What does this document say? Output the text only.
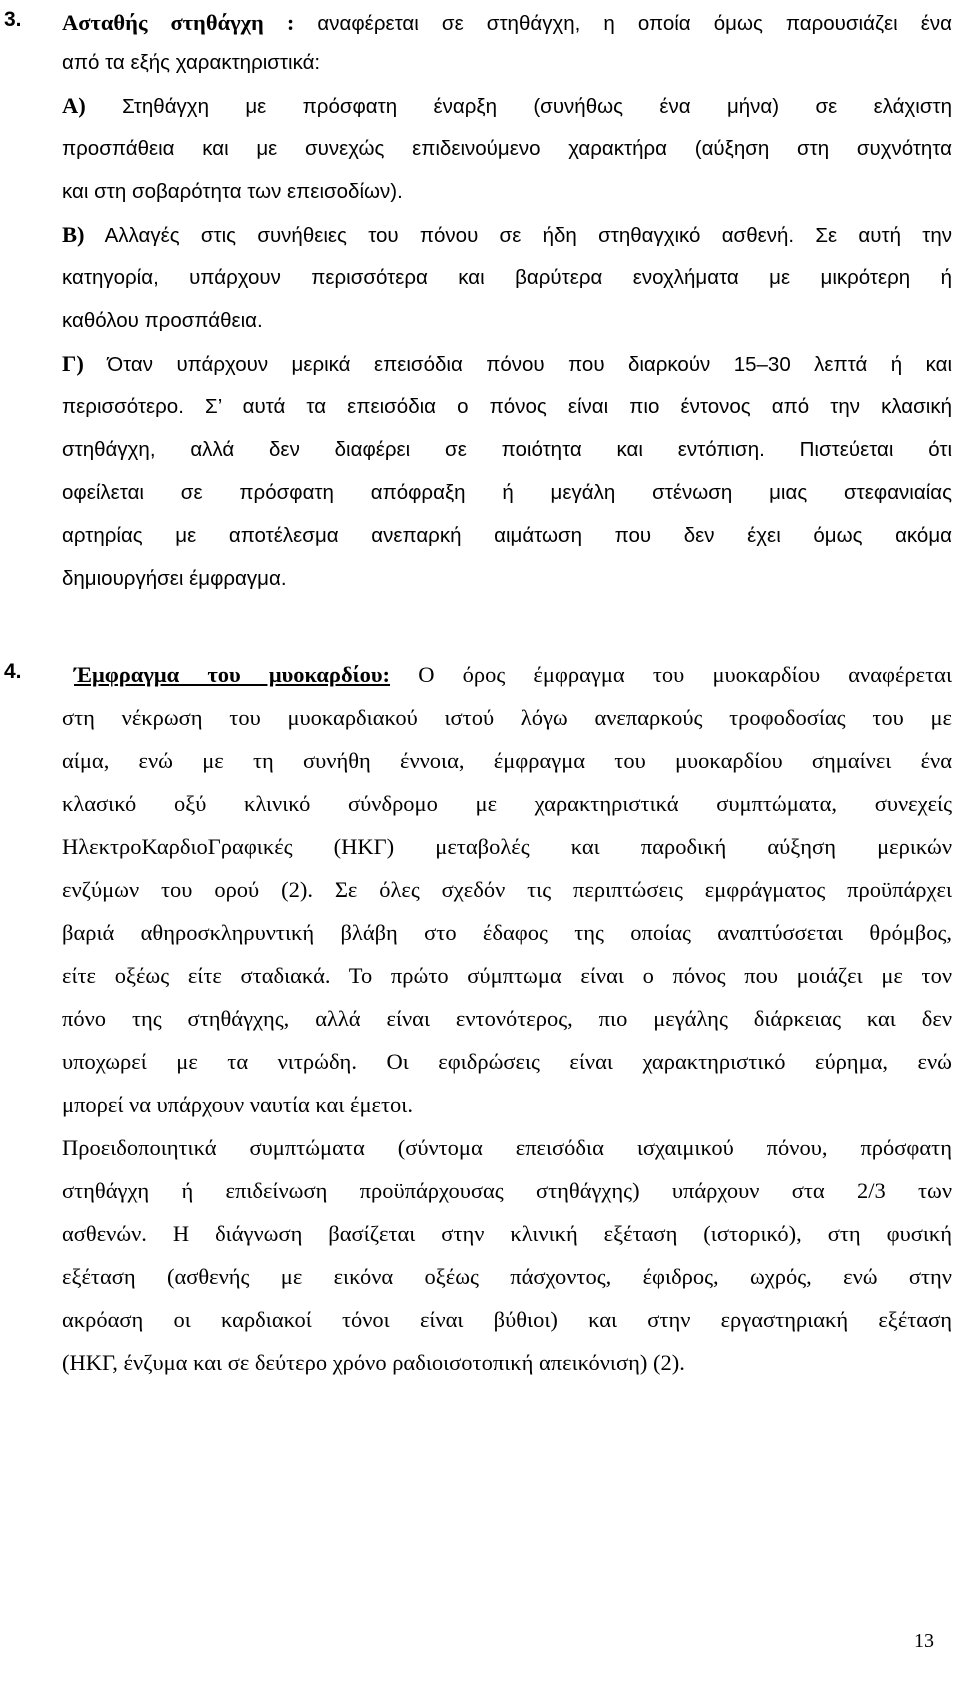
3.	Ασταθής στηθάγχη : αναφέρεται σε στηθάγχη, η οποία όμως παρουσιάζει ένα
από τα εξής χαρακτηριστικά:
Α) Στηθάγχη με πρόσφατη έναρξη (συνήθως ένα μήνα) σε ελάχιστη
προσπάθεια και με συνεχώς επιδεινούμενο χαρακτήρα (αύξηση στη συχνότητα
και στη σοβαρότητα των επεισοδίων).
Β) Αλλαγές στις συνήθειες του πόνου σε ήδη στηθαγχικό ασθενή. Σε αυτή την
κατηγορία, υπάρχουν περισσότερα και βαρύτερα ενοχλήματα με μικρότερη ή
καθόλου προσπάθεια.
Γ) Όταν υπάρχουν μερικά επεισόδια πόνου που διαρκούν 15–30 λεπτά ή και
περισσότερο. Σ’ αυτά τα επεισόδια ο πόνος είναι πιο έντονος από την κλασική
στηθάγχη, αλλά δεν διαφέρει σε ποιότητα και εντόπιση. Πιστεύεται ότι
οφείλεται σε πρόσφατη απόφραξη ή μεγάλη στένωση μιας στεφανιαίας
αρτηρίας με αποτέλεσμα ανεπαρκή αιμάτωση που δεν έχει όμως ακόμα
δημιουργήσει έμφραγμα.
4.	Έμφραγμα του μυοκαρδίου: Ο όρος έμφραγμα του μυοκαρδίου αναφέρεται
στη νέκρωση του μυοκαρδιακού ιστού λόγω ανεπαρκούς τροφοδοσίας του με
αίμα, ενώ με τη συνήθη έννοια, έμφραγμα του μυοκαρδίου σημαίνει ένα
κλασικό οξύ κλινικό σύνδρομο με χαρακτηριστικά συμπτώματα, συνεχείς
ΗλεκτροΚαρδιοΓραφικές (ΗΚΓ) μεταβολές και παροδική αύξηση μερικών
ενζύμων του ορού (2). Σε όλες σχεδόν τις περιπτώσεις εμφράγματος προϋπάρχει
βαριά αθηροσκληρυντική βλάβη στο έδαφος της οποίας αναπτύσσεται θρόμβος,
είτε οξέως είτε σταδιακά. Το πρώτο σύμπτωμα είναι ο πόνος που μοιάζει με τον
πόνο της στηθάγχης, αλλά είναι εντονότερος, πιο μεγάλης διάρκειας και δεν
υποχωρεί με τα νιτρώδη. Οι εφιδρώσεις είναι χαρακτηριστικό εύρημα, ενώ
μπορεί να υπάρχουν ναυτία και έμετοι.
Προειδοποιητικά συμπτώματα (σύντομα επεισόδια ισχαιμικού πόνου, πρόσφατη
στηθάγχη ή επιδείνωση προϋπάρχουσας στηθάγχης) υπάρχουν στα 2/3 των
ασθενών. Η διάγνωση βασίζεται στην κλινική εξέταση (ιστορικό), στη φυσική
εξέταση (ασθενής με εικόνα οξέως πάσχοντος, έφιδρος, ωχρός, ενώ στην
ακρόαση οι καρδιακοί τόνοι είναι βύθιοι) και στην εργαστηριακή εξέταση
(ΗΚΓ, ένζυμα και σε δεύτερο χρόνο ραδιοισοτοπική απεικόνιση) (2).
13
